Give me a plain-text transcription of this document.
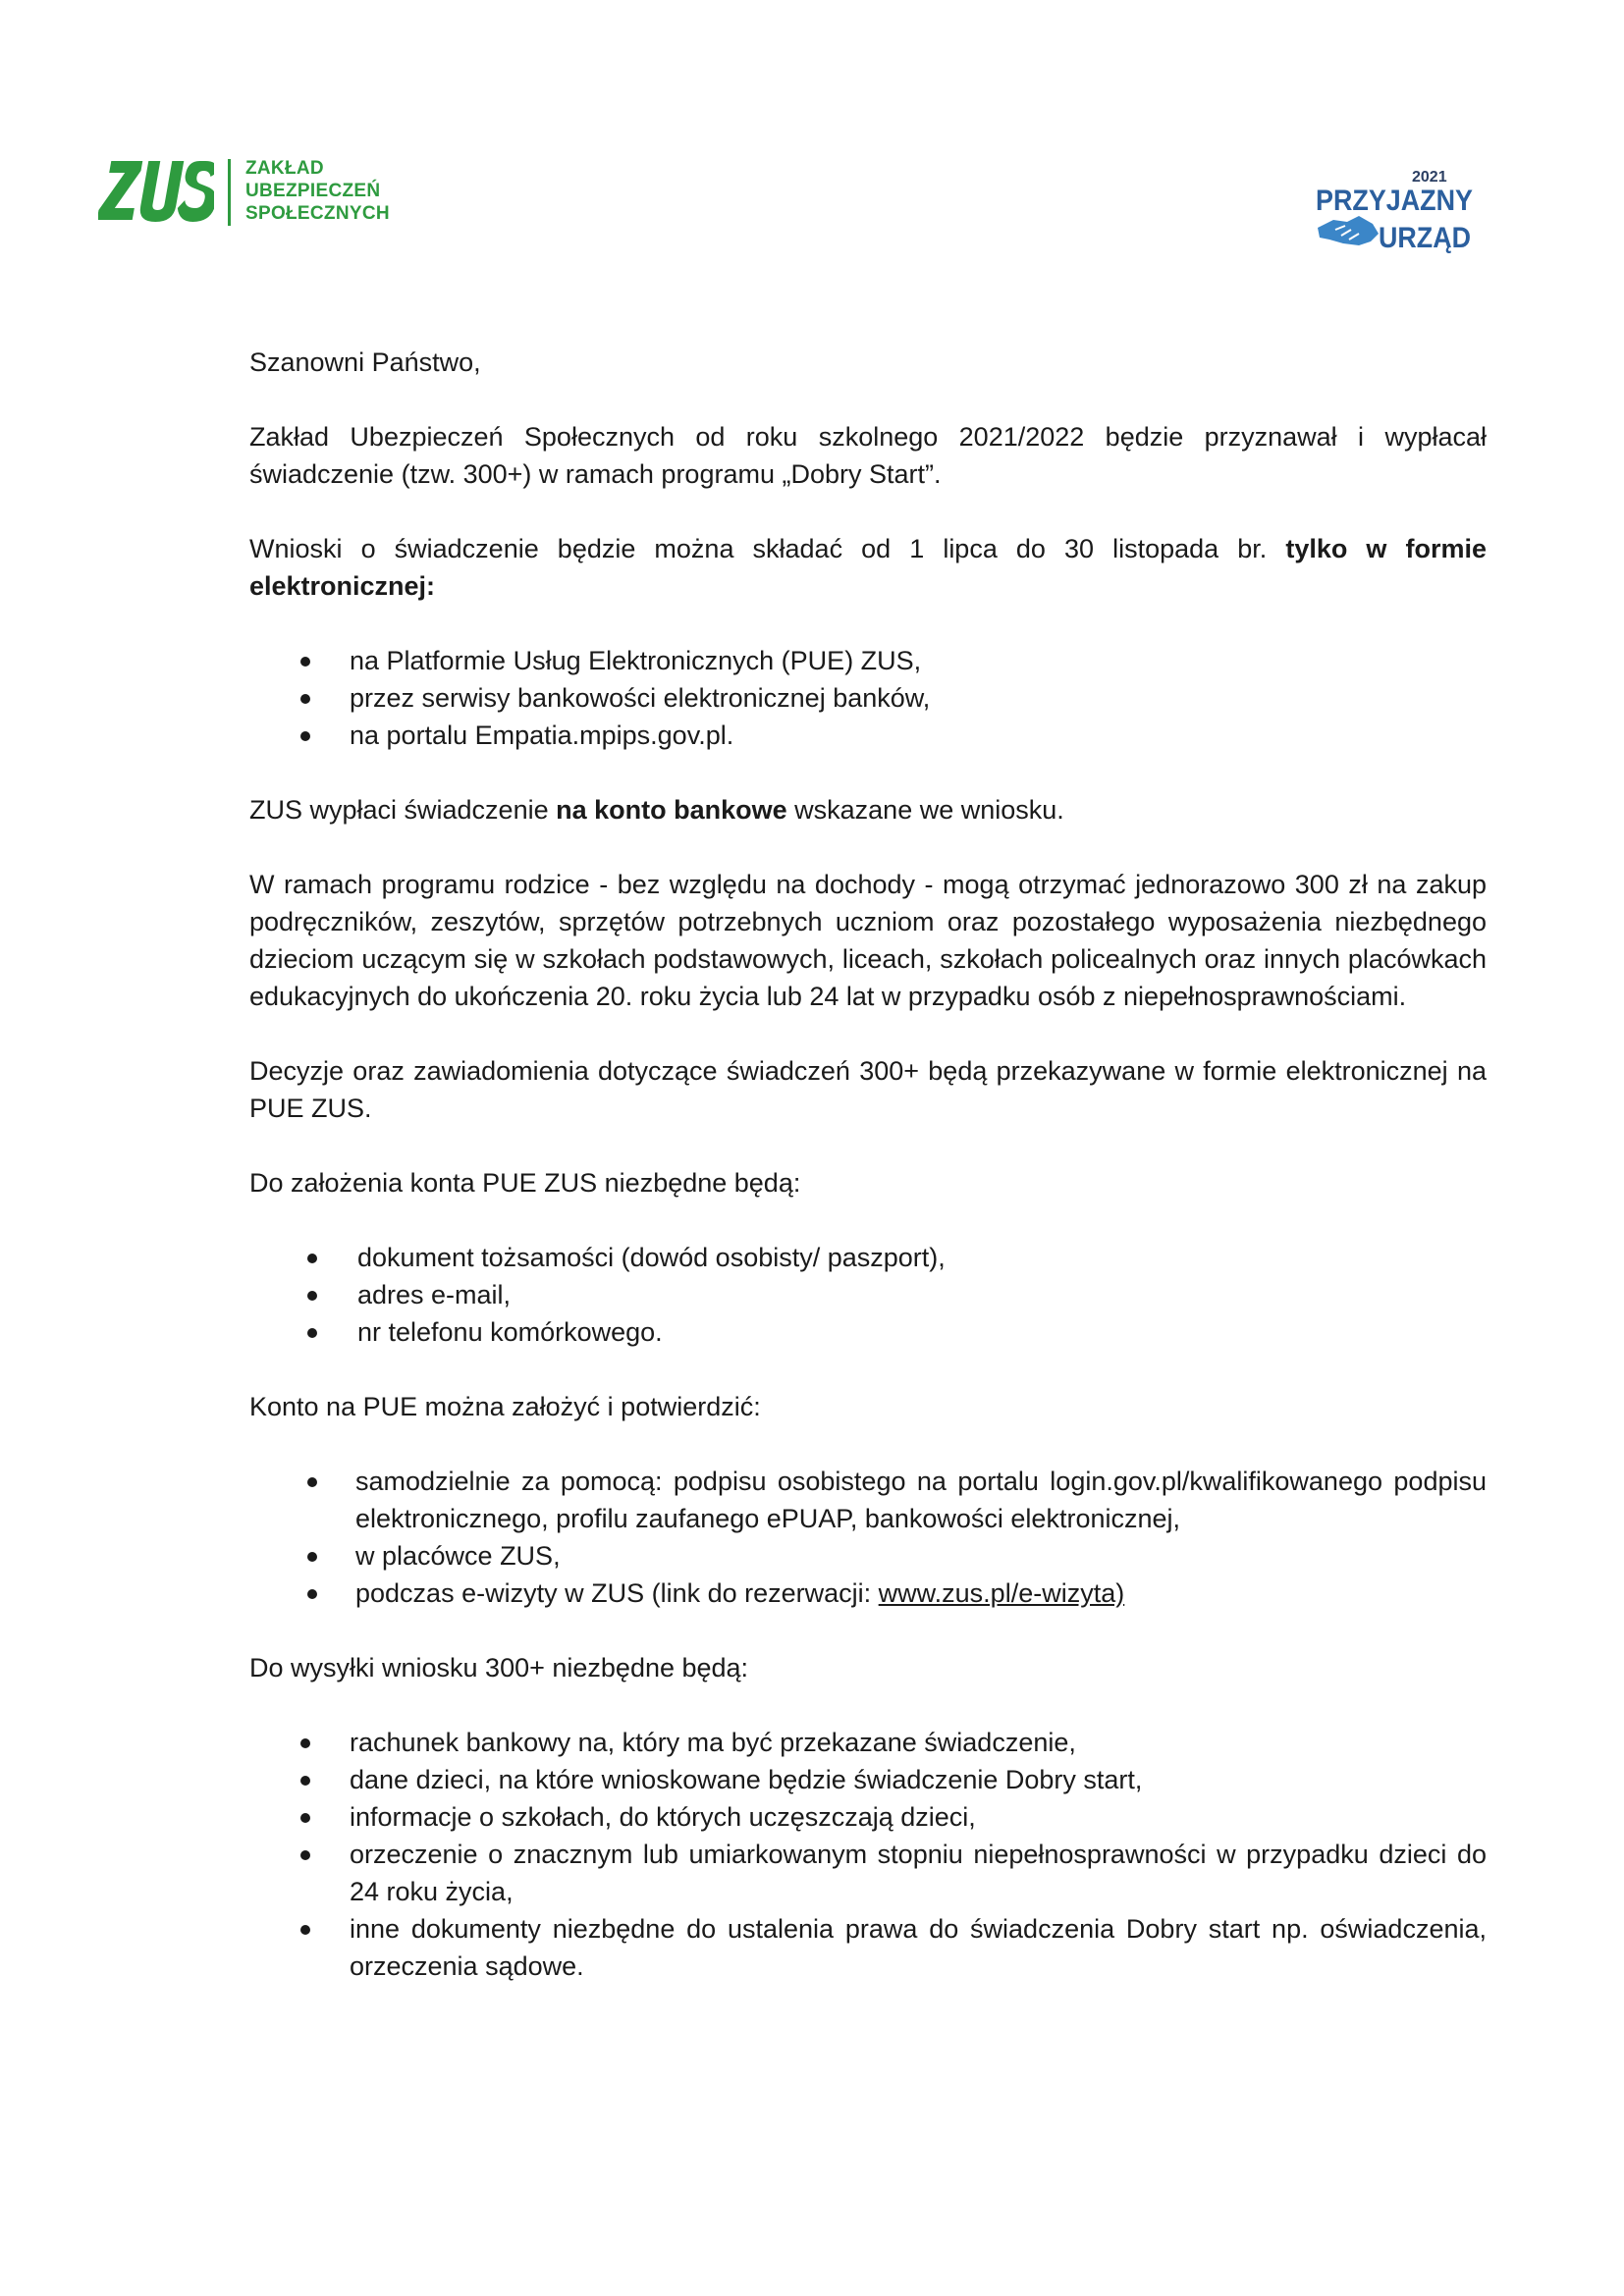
ZAKŁAD
UBEZPIECZEŃ
SPOŁECZNYCH
2021
PRZYJAZNY
URZĄD

Szanowni Państwo,

Zakład Ubezpieczeń Społecznych od roku szkolnego 2021/2022 będzie przyznawał i wypłacał świadczenie (tzw. 300+) w ramach programu „Dobry Start”.

Wnioski o świadczenie będzie można składać od 1 lipca do 30 listopada br. tylko w formie elektronicznej:

na Platformie Usług Elektronicznych (PUE) ZUS,
przez serwisy bankowości elektronicznej banków,
na portalu Empatia.mpips.gov.pl.

ZUS wypłaci świadczenie na konto bankowe wskazane we wniosku.

W ramach programu rodzice - bez względu na dochody - mogą otrzymać jednorazowo 300 zł na zakup podręczników, zeszytów, sprzętów potrzebnych uczniom oraz pozostałego wyposażenia niezbędnego dzieciom uczącym się w szkołach podstawowych, liceach, szkołach policealnych oraz innych placówkach edukacyjnych do ukończenia 20. roku życia lub 24 lat w przypadku osób z niepełnosprawnościami.

Decyzje oraz zawiadomienia dotyczące świadczeń 300+ będą przekazywane w formie elektronicznej na PUE ZUS.

Do założenia konta PUE ZUS niezbędne będą:

dokument tożsamości (dowód osobisty/ paszport),
adres e-mail,
nr telefonu komórkowego.

Konto na PUE można założyć i potwierdzić:

samodzielnie za pomocą: podpisu osobistego na portalu login.gov.pl/kwalifikowanego podpisu elektronicznego, profilu zaufanego ePUAP, bankowości elektronicznej,
w placówce ZUS,
podczas e-wizyty w ZUS (link do rezerwacji: www.zus.pl/e-wizyta)

Do wysyłki wniosku 300+ niezbędne będą:

rachunek bankowy na, który ma być przekazane świadczenie,
dane dzieci, na które wnioskowane będzie świadczenie Dobry start,
informacje o szkołach, do których uczęszczają dzieci,
orzeczenie o znacznym lub umiarkowanym stopniu niepełnosprawności w przypadku dzieci do 24 roku życia,
inne dokumenty niezbędne do ustalenia prawa do świadczenia Dobry start np. oświadczenia, orzeczenia sądowe.
